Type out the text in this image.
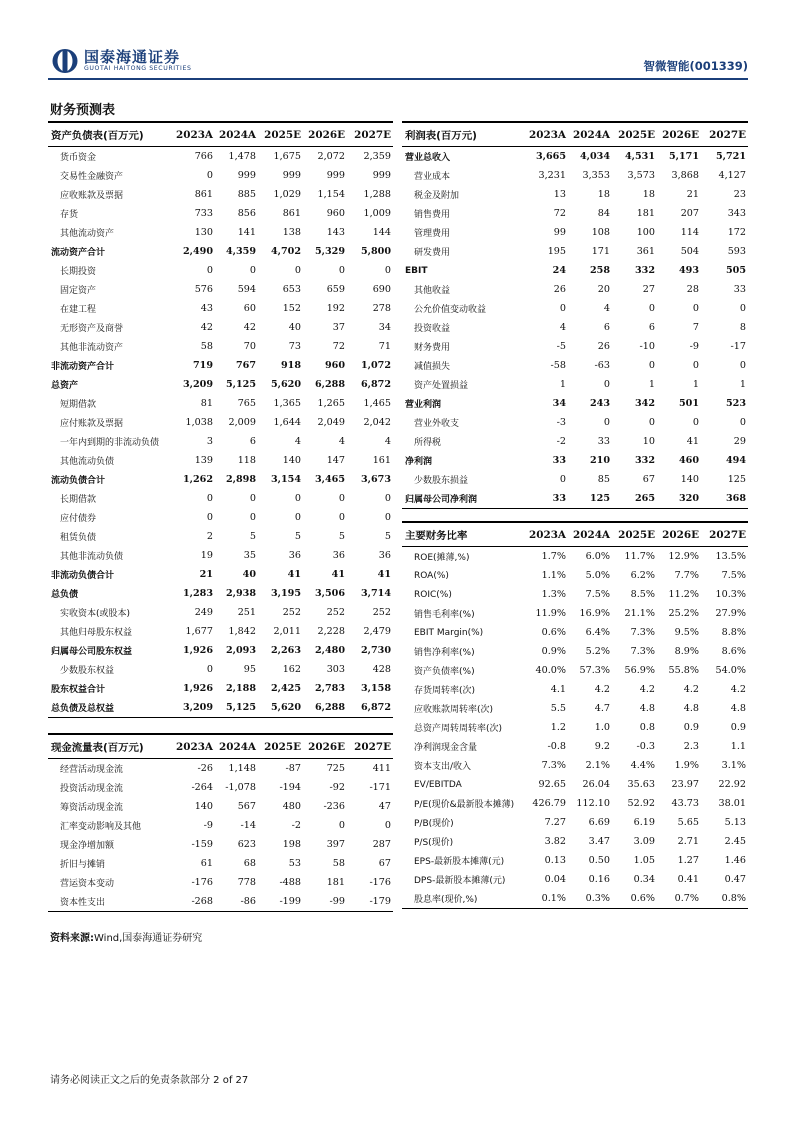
国泰海通证券
GUOTAI HAITONG SECURITIES	智微智能(001339)
财务预测表
资产负债表(百万元)	2023A	2024A	2025E	2026E	2027E
货币资金	766	1,478	1,675	2,072	2,359
交易性金融资产	0	999	999	999	999
应收账款及票据	861	885	1,029	1,154	1,288
存货	733	856	861	960	1,009
其他流动资产	130	141	138	143	144
流动资产合计	2,490	4,359	4,702	5,329	5,800
长期投资	0	0	0	0	0
固定资产	576	594	653	659	690
在建工程	43	60	152	192	278
无形资产及商誉	42	42	40	37	34
其他非流动资产	58	70	73	72	71
非流动资产合计	719	767	918	960	1,072
总资产	3,209	5,125	5,620	6,288	6,872
短期借款	81	765	1,365	1,265	1,465
应付账款及票据	1,038	2,009	1,644	2,049	2,042
一年内到期的非流动负债	3	6	4	4	4
其他流动负债	139	118	140	147	161
流动负债合计	1,262	2,898	3,154	3,465	3,673
长期借款	0	0	0	0	0
应付债券	0	0	0	0	0
租赁负债	2	5	5	5	5
其他非流动负债	19	35	36	36	36
非流动负债合计	21	40	41	41	41
总负债	1,283	2,938	3,195	3,506	3,714
实收资本(或股本)	249	251	252	252	252
其他归母股东权益	1,677	1,842	2,011	2,228	2,479
归属母公司股东权益	1,926	2,093	2,263	2,480	2,730
少数股东权益	0	95	162	303	428
股东权益合计	1,926	2,188	2,425	2,783	3,158
总负债及总权益	3,209	5,125	5,620	6,288	6,872
利润表(百万元)	2023A	2024A	2025E	2026E	2027E
营业总收入	3,665	4,034	4,531	5,171	5,721
营业成本	3,231	3,353	3,573	3,868	4,127
税金及附加	13	18	18	21	23
销售费用	72	84	181	207	343
管理费用	99	108	100	114	172
研发费用	195	171	361	504	593
EBIT	24	258	332	493	505
其他收益	26	20	27	28	33
公允价值变动收益	0	4	0	0	0
投资收益	4	6	6	7	8
财务费用	-5	26	-10	-9	-17
减值损失	-58	-63	0	0	0
资产处置损益	1	0	1	1	1
营业利润	34	243	342	501	523
营业外收支	-3	0	0	0	0
所得税	-2	33	10	41	29
净利润	33	210	332	460	494
少数股东损益	0	85	67	140	125
归属母公司净利润	33	125	265	320	368
主要财务比率	2023A	2024A	2025E	2026E	2027E
ROE(摊薄,%)	1.7%	6.0%	11.7%	12.9%	13.5%
ROA(%)	1.1%	5.0%	6.2%	7.7%	7.5%
ROIC(%)	1.3%	7.5%	8.5%	11.2%	10.3%
销售毛利率(%)	11.9%	16.9%	21.1%	25.2%	27.9%
EBIT Margin(%)	0.6%	6.4%	7.3%	9.5%	8.8%
销售净利率(%)	0.9%	5.2%	7.3%	8.9%	8.6%
资产负债率(%)	40.0%	57.3%	56.9%	55.8%	54.0%
存货周转率(次)	4.1	4.2	4.2	4.2	4.2
应收账款周转率(次)	5.5	4.7	4.8	4.8	4.8
总资产周转周转率(次)	1.2	1.0	0.8	0.9	0.9
净利润现金含量	-0.8	9.2	-0.3	2.3	1.1
资本支出/收入	7.3%	2.1%	4.4%	1.9%	3.1%
EV/EBITDA	92.65	26.04	35.63	23.97	22.92
P/E(现价&最新股本摊薄)	426.79	112.10	52.92	43.73	38.01
P/B(现价)	7.27	6.69	6.19	5.65	5.13
P/S(现价)	3.82	3.47	3.09	2.71	2.45
EPS-最新股本摊薄(元)	0.13	0.50	1.05	1.27	1.46
DPS-最新股本摊薄(元)	0.04	0.16	0.34	0.41	0.47
股息率(现价,%)	0.1%	0.3%	0.6%	0.7%	0.8%
现金流量表(百万元)	2023A	2024A	2025E	2026E	2027E
经营活动现金流	-26	1,148	-87	725	411
投资活动现金流	-264	-1,078	-194	-92	-171
筹资活动现金流	140	567	480	-236	47
汇率变动影响及其他	-9	-14	-2	0	0
现金净增加额	-159	623	198	397	287
折旧与摊销	61	68	53	58	67
营运资本变动	-176	778	-488	181	-176
资本性支出	-268	-86	-199	-99	-179
资料来源:Wind,国泰海通证券研究
请务必阅读正文之后的免责条款部分 2 of 27
